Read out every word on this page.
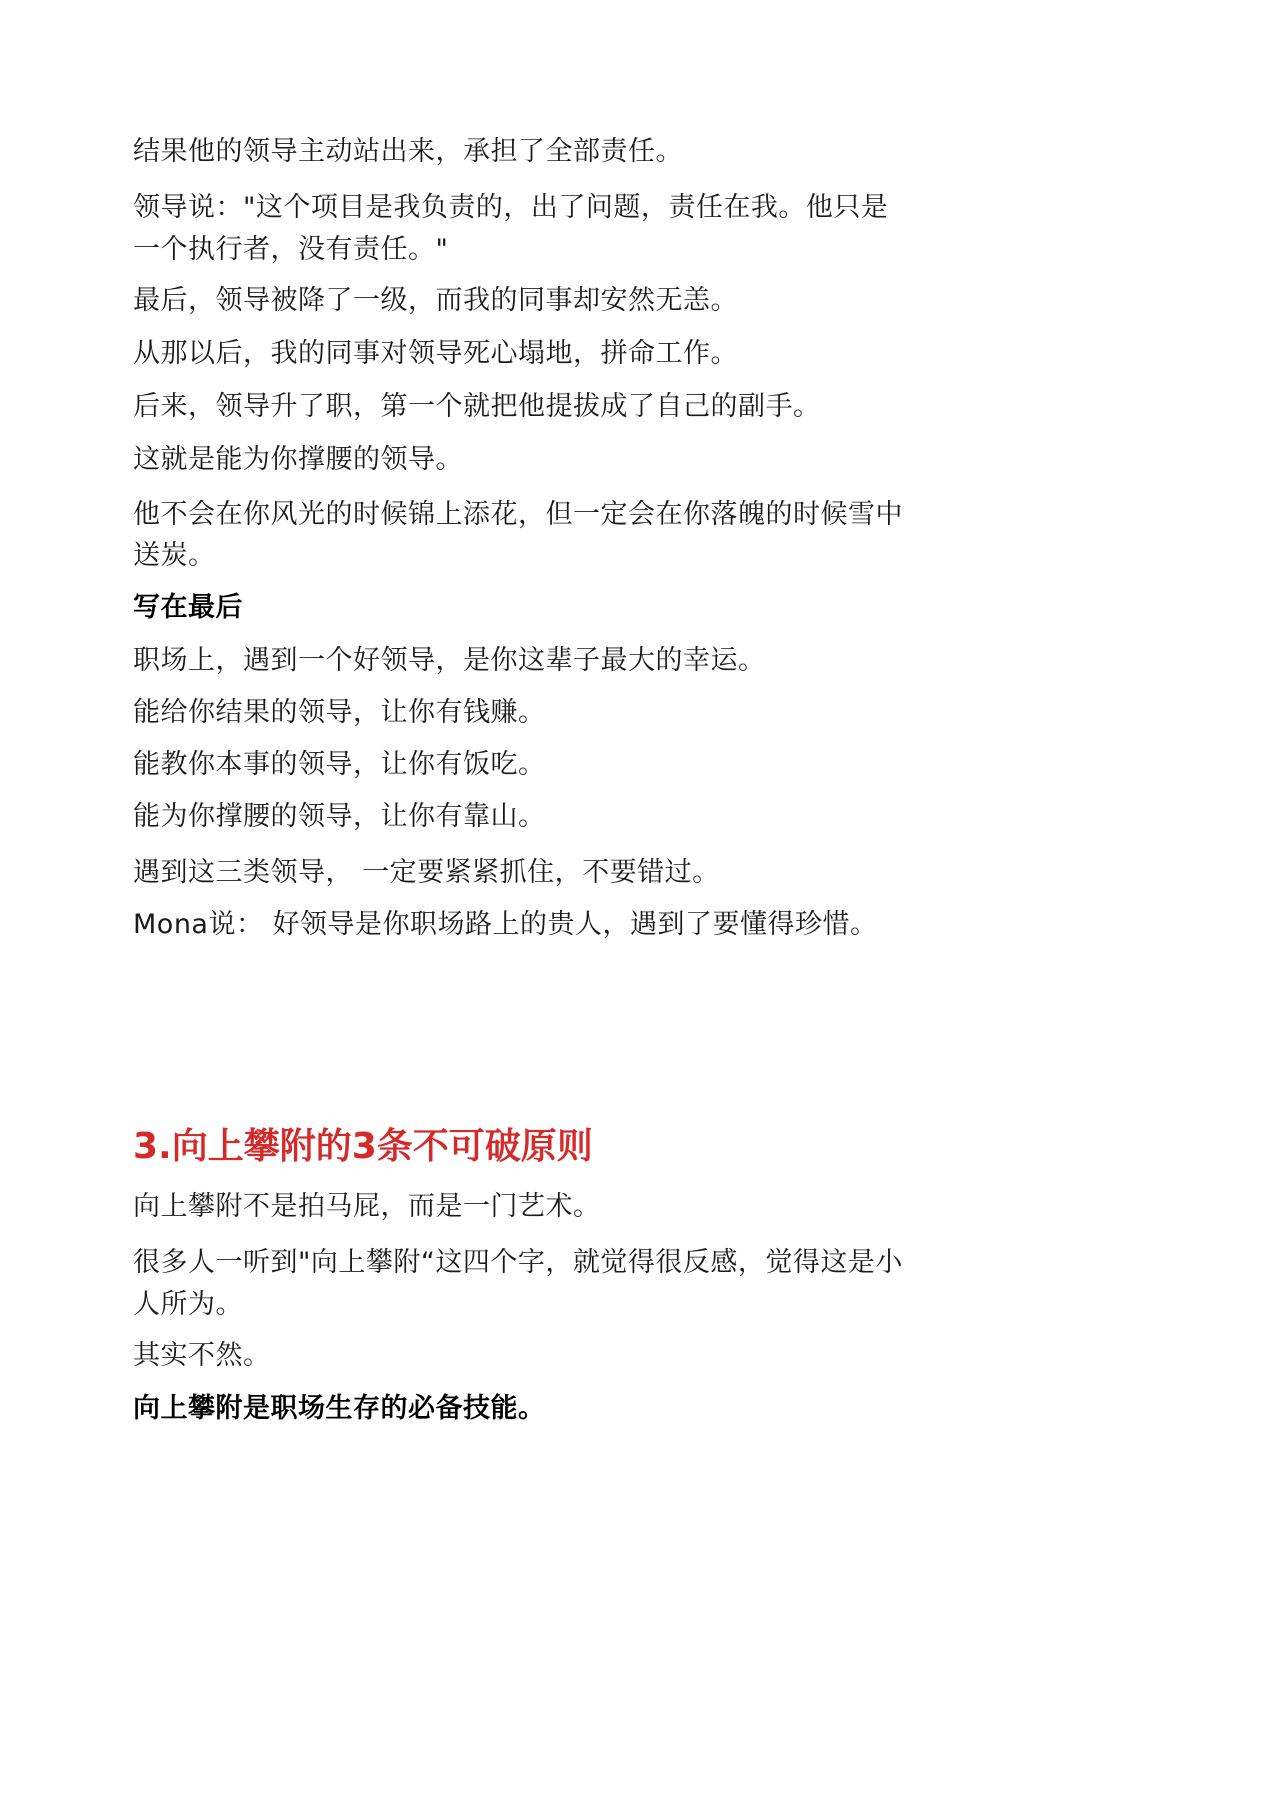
结果他的领导主动站出来，承担了全部责任。
领导说："这个项目是我负责的，出了问题，责任在我。他只是
一个执行者，没有责任。"
最后，领导被降了一级，而我的同事却安然无恙。
从那以后，我的同事对领导死心塌地，拼命工作。
后来，领导升了职，第一个就把他提拔成了自己的副手。
这就是能为你撑腰的领导。
他不会在你风光的时候锦上添花，但一定会在你落魄的时候雪中
送炭。
写在最后
职场上，遇到一个好领导，是你这辈子最大的幸运。
能给你结果的领导，让你有钱赚。
能教你本事的领导，让你有饭吃。
能为你撑腰的领导，让你有靠山。
遇到这三类领导， 一定要紧紧抓住，不要错过。
Mona说： 好领导是你职场路上的贵人，遇到了要懂得珍惜。
3.向上攀附的3条不可破原则
向上攀附不是拍马屁，而是一门艺术。
很多人一听到"向上攀附“这四个字，就觉得很反感，觉得这是小
人所为。
其实不然。
向上攀附是职场生存的必备技能。
